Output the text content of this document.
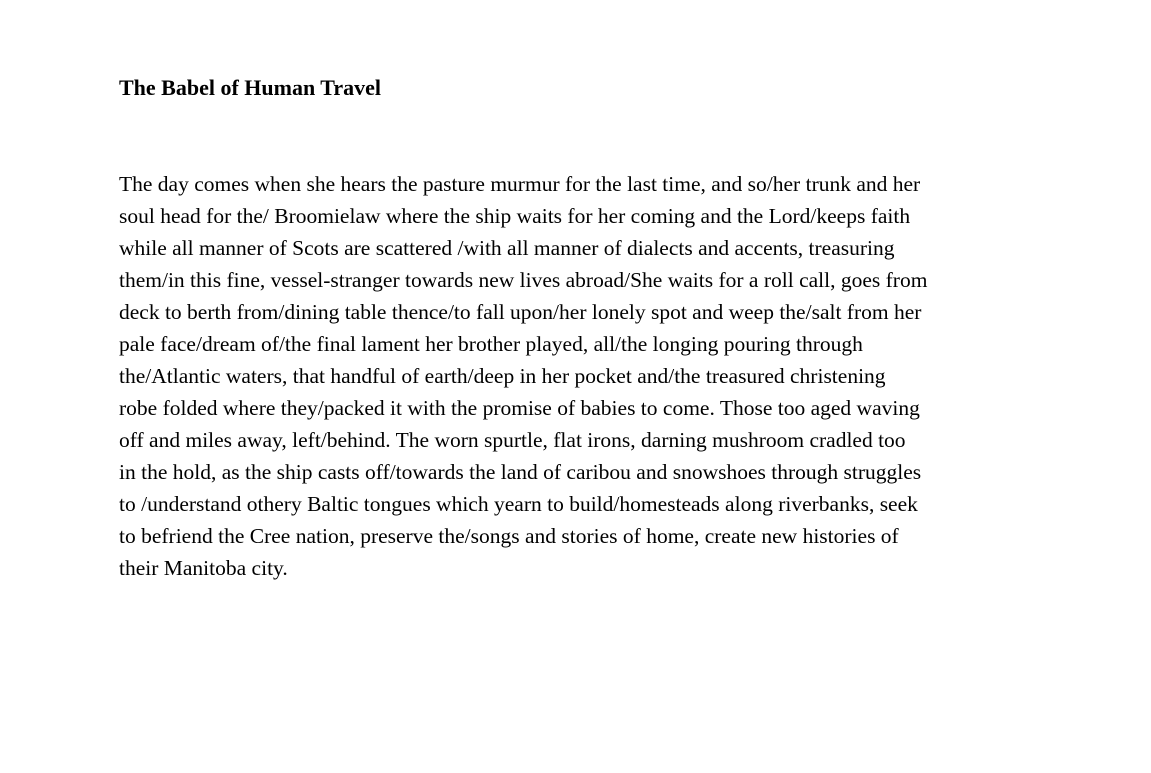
The Babel of Human Travel
The day comes when she hears the pasture murmur for the last time, and so/her trunk and her
soul head for the/ Broomielaw where the ship waits for her coming and the Lord/keeps faith
while all manner of Scots are scattered /with all manner of dialects and accents, treasuring
them/in this fine, vessel-stranger towards new lives abroad/She waits for a roll call, goes from
deck to berth from/dining table thence/to fall upon/her lonely spot and weep the/salt from her
pale face/dream of/the final lament her brother played, all/the longing pouring through
the/Atlantic waters, that handful of earth/deep in her pocket and/the treasured christening
robe folded where they/packed it with the promise of babies to come. Those too aged waving
off and miles away, left/behind. The worn spurtle, flat irons, darning mushroom cradled too
in the hold, as the ship casts off/towards the land of caribou and snowshoes through struggles
to /understand othery Baltic tongues which yearn to build/homesteads along riverbanks, seek
to befriend the Cree nation, preserve the/songs and stories of home, create new histories of
their Manitoba city.
